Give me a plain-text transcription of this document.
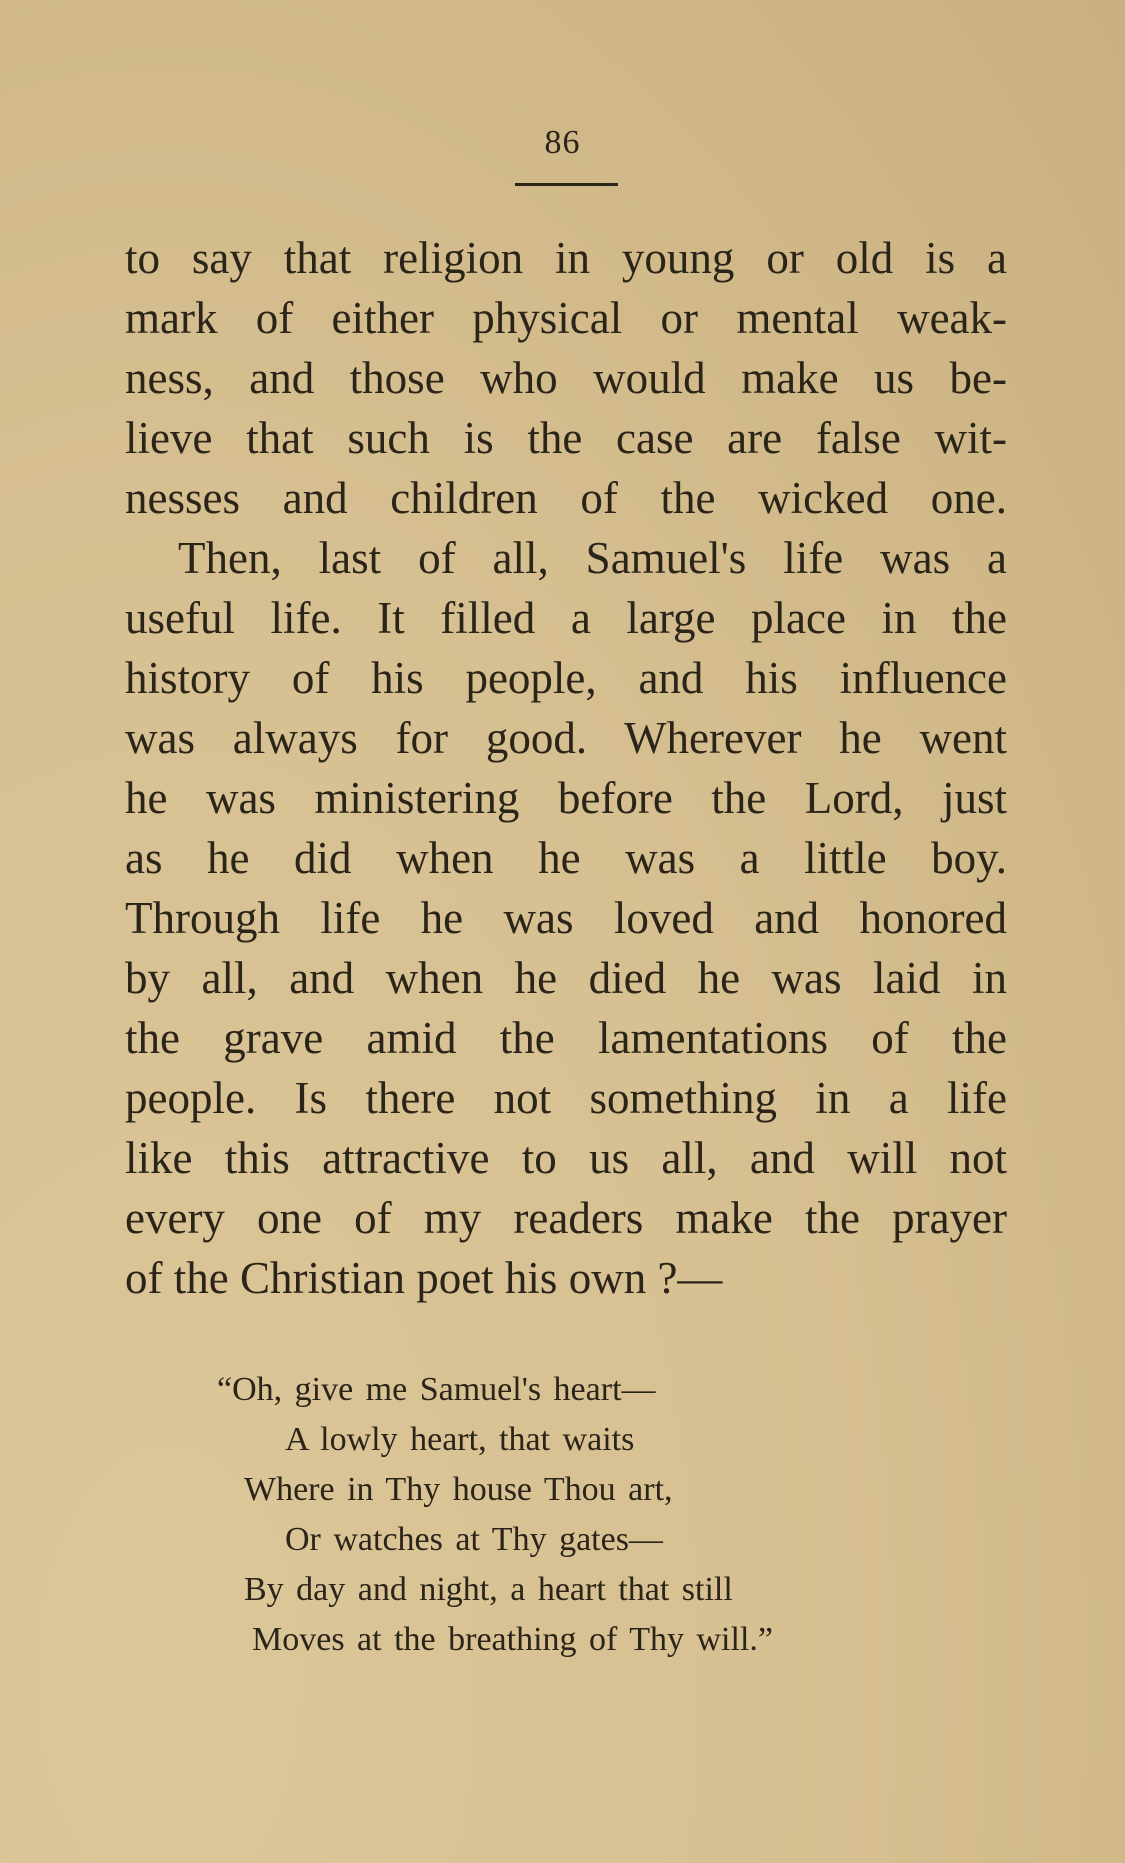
86
to say that religion in young or old is a
mark of either physical or mental weak-
ness, and those who would make us be-
lieve that such is the case are false wit-
nesses and children of the wicked one.
Then, last of all, Samuel's life was a
useful life. It filled a large place in the
history of his people, and his influence
was always for good. Wherever he went
he was ministering before the Lord, just
as he did when he was a little boy.
Through life he was loved and honored
by all, and when he died he was laid in
the grave amid the lamentations of the
people. Is there not something in a life
like this attractive to us all, and will not
every one of my readers make the prayer
of the Christian poet his own ?—
“Oh, give me Samuel's heart—
A lowly heart, that waits
Where in Thy house Thou art,
Or watches at Thy gates—
By day and night, a heart that still
Moves at the breathing of Thy will.”
